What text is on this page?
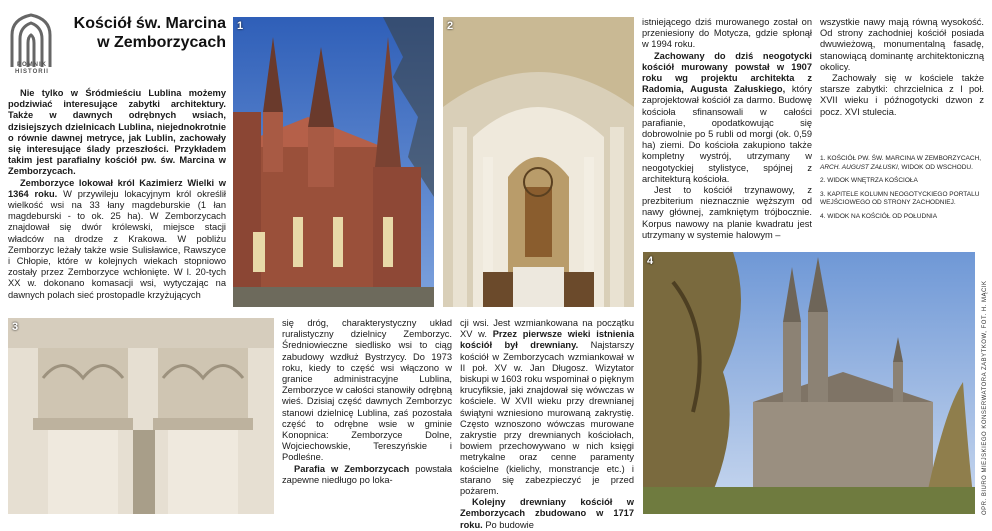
POMNIK
HISTORII
Kościół św. Marcina
w Zemborzycach

Nie tylko w Śródmieściu Lublina możemy podziwiać interesujące zabytki architektury. Także w dawnych odrębnych wsiach, dzisiejszych dzielnicach Lublina, niejednokrotnie o równie dawnej metryce, jak Lublin, zachowały się interesujące ślady przeszłości. Przykładem takim jest parafialny kościół pw. św. Marcina w Zemborzycach.

Zemborzyce lokował król Kazimierz Wielki w 1364 roku. W przywileju lokacyjnym król określił wielkość wsi na 33 łany magdeburskie (1 łan magdeburski - to ok. 25 ha). W Zemborzycach znajdował się dwór królewski, miejsce stacji władców na drodze z Krakowa. W pobliżu Zemborzyc leżały także wsie Sulisławice, Rawszyce i Chłopie, które w kolejnych wiekach stopniowo zostały przez Zemborzyce wchłonięte. W l. 20-tych XX w. dokonano komasacji wsi, wytyczając na dawnych polach sieć prostopadle krzyżujących

1	2
3	się dróg, charakterystyczny układ ruralistyczny dzielnicy Zemborzyc. Średniowieczne siedlisko wsi to ciąg zabudowy wzdłuż Bystrzycy. Do 1973 roku, kiedy to część wsi włączono w granice administracyjne Lublina, Zemborzyce w całości stanowiły odrębną wieś. Dzisiaj część dawnych Zemborzyc stanowi dzielnicę Lublina, zaś pozostała część to odrębne wsie w gminie Konopnica: Zemborzyce Dolne, Wojciechowskie, Tereszyńskie i Podleśne.

Parafia w Zemborzycach powstała zapewne niedługo po loka-

cji wsi. Jest wzmiankowana na początku XV w. Przez pierwsze wieki istnienia kościół był drewniany. Najstarszy kościół w Zemborzycach wzmiankował w II poł. XV w. Jan Długosz. Wizytator biskupi w 1603 roku wspominał o pięknym krucyfiksie, jaki znajdował się wówczas w kościele. W XVII wieku przy drewnianej świątyni wzniesiono murowaną zakrystię. Często wznoszono wówczas murowane zakrystie przy drewnianych kościołach, bowiem przechowywano w nich księgi metrykalne oraz cenne paramenty kościelne (kielichy, monstrancje etc.) i starano się zabezpieczyć je przed pożarem.

Kolejny drewniany kościół w Zemborzycach zbudowano w 1717 roku. Po budowie

istniejącego dziś murowanego został on przeniesiony do Motycza, gdzie spłonął w 1994 roku.

Zachowany do dziś neogotycki kościół murowany powstał w 1907 roku wg projektu architekta z Radomia, Augusta Załuskiego, który zaprojektował kościół za darmo. Budowę kościoła sfinansowali w całości parafianie, opodatkowując się dobrowolnie po 5 rubli od morgi (ok. 0,59 ha) ziemi. Do kościoła zakupiono także kompletny wystrój, utrzymany w neogotyckiej stylistyce, spójnej z architekturą kościoła.

Jest to kościół trzynawowy, z prezbiterium nieznacznie węższym od nawy głównej, zamkniętym trójbocznie. Korpus nawowy na planie kwadratu jest utrzymany w systemie halowym –

wszystkie nawy mają równą wysokość. Od strony zachodniej kościół posiada dwuwieżową, monumentalną fasadę, stanowiącą dominantę architektoniczną okolicy.

Zachowały się w kościele także starsze zabytki: chrzcielnica z I poł. XVII wieku i późnogotycki dzwon z pocz. XVI stulecia.

1. KOŚCIÓŁ PW. ŚW. MARCINA W ZEMBORZYCACH, ARCH. AUGUST ZAŁUSKI, WIDOK OD WSCHODU.
2. WIDOK WNĘTRZA KOŚCIOŁA
3. KAPITELE KOLUMN NEOGOTYCKIEGO PORTALU WEJŚCIOWEGO OD STRONY ZACHODNIEJ.
4. WIDOK NA KOŚCIÓŁ OD POŁUDNIA
4
OPR. BIURO MIEJSKIEGO KONSERWATORA ZABYTKÓW, FOT. H. MĄCIK
